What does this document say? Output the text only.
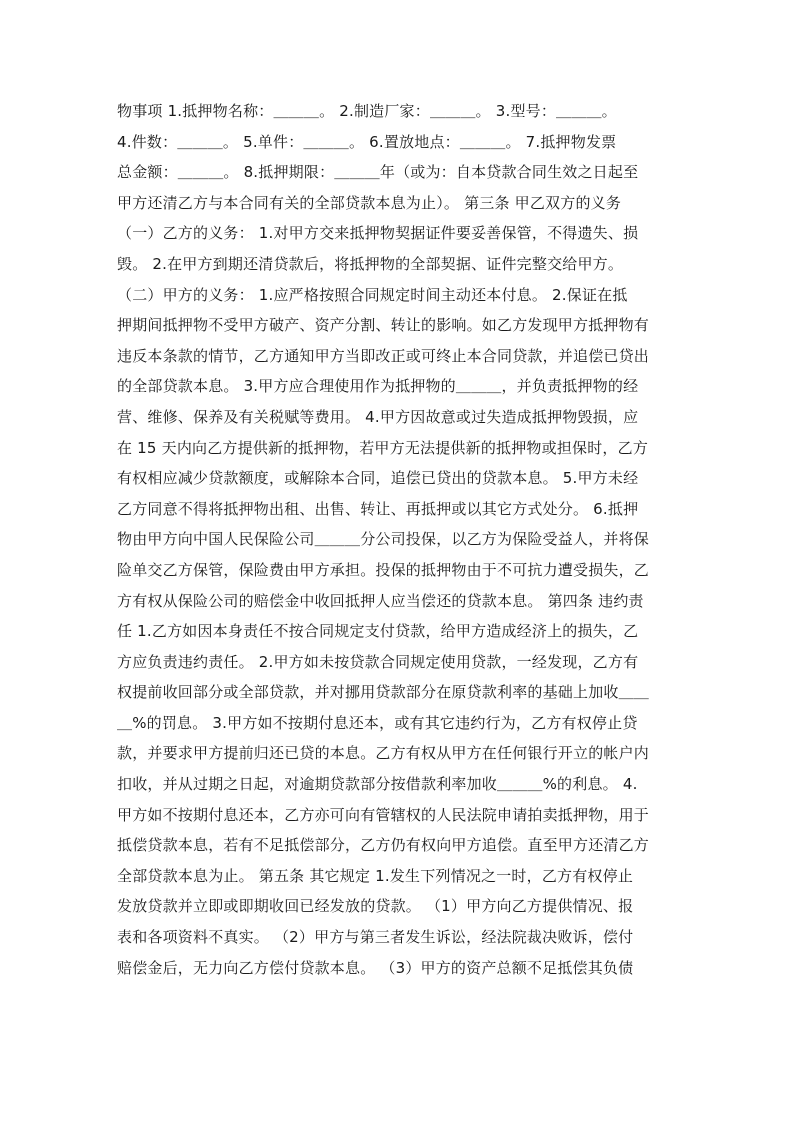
物事项 1.抵押物名称：＿＿＿。 2.制造厂家：＿＿＿。 3.型号：＿＿＿。
4.件数：＿＿＿。 5.单件：＿＿＿。 6.置放地点：＿＿＿。 7.抵押物发票
总金额：＿＿＿。 8.抵押期限：＿＿＿年（或为：自本贷款合同生效之日起至
甲方还清乙方与本合同有关的全部贷款本息为止）。 第三条 甲乙双方的义务
（一）乙方的义务： 1.对甲方交来抵押物契据证件要妥善保管，不得遗失、损
毁。 2.在甲方到期还清贷款后，将抵押物的全部契据、证件完整交给甲方。
（二）甲方的义务： 1.应严格按照合同规定时间主动还本付息。 2.保证在抵
押期间抵押物不受甲方破产、资产分割、转让的影响。如乙方发现甲方抵押物有
违反本条款的情节，乙方通知甲方当即改正或可终止本合同贷款，并追偿已贷出
的全部贷款本息。 3.甲方应合理使用作为抵押物的＿＿＿，并负责抵押物的经
营、维修、保养及有关税赋等费用。 4.甲方因故意或过失造成抵押物毁损，应
在 15 天内向乙方提供新的抵押物，若甲方无法提供新的抵押物或担保时，乙方
有权相应减少贷款额度，或解除本合同，追偿已贷出的贷款本息。 5.甲方未经
乙方同意不得将抵押物出租、出售、转让、再抵押或以其它方式处分。 6.抵押
物由甲方向中国人民保险公司＿＿＿分公司投保，以乙方为保险受益人，并将保
险单交乙方保管，保险费由甲方承担。投保的抵押物由于不可抗力遭受损失，乙
方有权从保险公司的赔偿金中收回抵押人应当偿还的贷款本息。 第四条 违约责
任 1.乙方如因本身责任不按合同规定支付贷款，给甲方造成经济上的损失，乙
方应负责违约责任。 2.甲方如未按贷款合同规定使用贷款，一经发现，乙方有
权提前收回部分或全部贷款，并对挪用贷款部分在原贷款利率的基础上加收＿＿
＿%的罚息。 3.甲方如不按期付息还本，或有其它违约行为，乙方有权停止贷
款，并要求甲方提前归还已贷的本息。乙方有权从甲方在任何银行开立的帐户内
扣收，并从过期之日起，对逾期贷款部分按借款利率加收＿＿＿%的利息。 4.
甲方如不按期付息还本，乙方亦可向有管辖权的人民法院申请拍卖抵押物，用于
抵偿贷款本息，若有不足抵偿部分，乙方仍有权向甲方追偿。直至甲方还清乙方
全部贷款本息为止。 第五条 其它规定 1.发生下列情况之一时，乙方有权停止
发放贷款并立即或即期收回已经发放的贷款。 （1）甲方向乙方提供情况、报
表和各项资料不真实。 （2）甲方与第三者发生诉讼，经法院裁决败诉，偿付
赔偿金后，无力向乙方偿付贷款本息。 （3）甲方的资产总额不足抵偿其负债
